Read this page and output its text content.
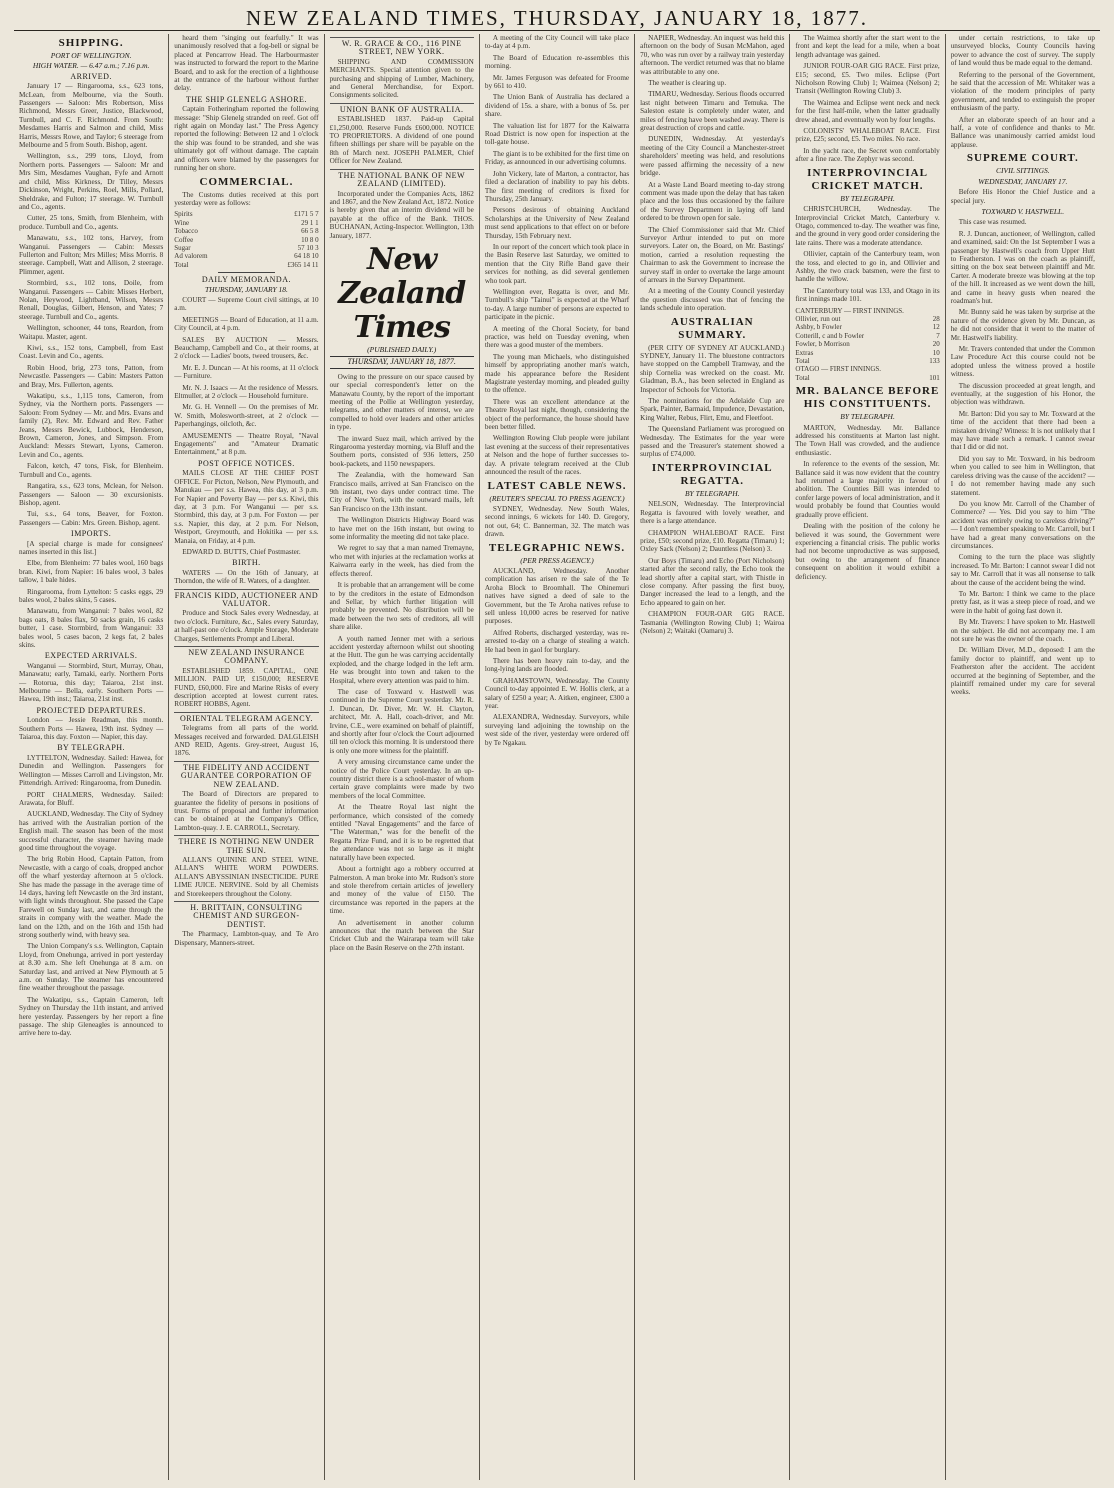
NEW ZEALAND TIMES, THURSDAY, JANUARY 18, 1877.
SHIPPING.
PORT OF WELLINGTON.
HIGH WATER. — 6.47 a.m.; 7.16 p.m.
ARRIVED.

January 17 — Ringarooma, s.s., 623 tons, McLean, from Melbourne, via the South. Passengers — Saloon: Mrs Robertson, Miss Richmond, Messrs Greer, Justice, Blackwood, Turnbull, and C. F. Richmond. From South: Mesdames Harris and Salmon and child, Miss Harris, Messrs Rowe, and Taylor; 6 steerage from Melbourne and 5 from South. Bishop, agent.

Wellington, s.s., 299 tons, Lloyd, from Northern ports. Passengers — Saloon: Mr and Mrs Sim, Mesdames Vaughan, Fyfe and Arnott and child, Miss Kirkness, Dr Tilley, Messrs Dickinson, Wright, Perkins, Roel, Mills, Pollard, Sheldrake, and Fulton; 17 steerage. W. Turnbull and Co., agents.

Cutter, 25 tons, Smith, from Blenheim, with produce. Turnbull and Co., agents.

Manawatu, s.s., 102 tons, Harvey, from Wanganui. Passengers — Cabin: Messrs Fullerton and Fulton; Mrs Milles; Miss Morris. 8 steerage. Campbell, Watt and Allison, 2 steerage. Plimmer, agent.

Stormbird, s.s., 102 tons, Doile, from Wanganui. Passengers — Cabin: Misses Herbert, Nolan, Heywood, Lightband, Wilson, Messrs Renall, Douglas, Gilbert, Henson, and Yates; 7 steerage. Turnbull and Co., agents.

Wellington, schooner, 44 tons, Reardon, from Waitapu. Master, agent.

Kiwi, s.s., 152 tons, Campbell, from East Coast. Levin and Co., agents.

Robin Hood, brig, 273 tons, Patton, from Newcastle. Passengers — Cabin: Masters Patton and Bray, Mrs. Fullerton, agents.

Wakatipu, s.s., 1,115 tons, Cameron, from Sydney, via the Northern ports. Passengers — Saloon: From Sydney — Mr. and Mrs. Evans and family (2), Rev. Mr. Edward and Rev. Father Jeans, Messrs Bewick, Lubbock, Henderson, Brown, Cameron, Jones, and Simpson. From Auckland: Messrs Stewart, Lyons, Cameron. Levin and Co., agents.

Falcon, ketch, 47 tons, Fisk, for Blenheim. Turnbull and Co., agents.

Rangatira, s.s., 623 tons, Mclean, for Nelson. Passengers — Saloon — 30 excursionists. Bishop, agent.

Tui, s.s., 64 tons, Beaver, for Foxton. Passengers — Cabin: Mrs. Green. Bishop, agent.

IMPORTS.

[A special charge is made for consignees' names inserted in this list.]

Elbe, from Blenheim: 77 bales wool, 160 bags bran. Kiwi, from Napier: 16 bales wool, 3 bales tallow, 1 bale hides.

Ringarooma, from Lyttelton: 5 casks eggs, 29 bales wool, 2 bales skins, 5 cases.

Manawatu, from Wanganui: 7 bales wool, 82 bags oats, 8 bales flax, 50 sacks grain, 16 casks butter, 1 case. Stormbird, from Wanganui: 33 bales wool, 5 cases bacon, 2 kegs fat, 2 bales skins.

EXPECTED ARRIVALS.

Wanganui — Stormbird, Sturt, Murray, Ohau, Manawatu; early, Tamaki, early. Northern Ports — Rotorua, this day; Taiaroa, 21st inst. Melbourne — Bella, early. Southern Ports — Hawea, 19th inst.; Taiaroa, 21st inst.

PROJECTED DEPARTURES.

London — Jessie Readman, this month. Southern Ports — Hawea, 19th inst. Sydney — Taiaroa, this day. Foxton — Napier, this day.

BY TELEGRAPH.

LYTTELTON, Wednesday. Sailed: Hawea, for Dunedin and Wellington. Passengers for Wellington — Misses Carroll and Livingston, Mr. Pittendrigh. Arrived: Ringarooma, from Dunedin.

PORT CHALMERS, Wednesday. Sailed: Arawata, for Bluff.

AUCKLAND, Wednesday. The City of Sydney has arrived with the Australian portion of the English mail. The season has been of the most successful character, the steamer having made good time throughout the voyage.

The brig Robin Hood, Captain Patton, from Newcastle, with a cargo of coals, dropped anchor off the wharf yesterday afternoon at 5 o'clock. She has made the passage in the average time of 14 days, having left Newcastle on the 3rd instant, with light winds throughout. She passed the Cape Farewell on Sunday last, and came through the straits in company with the weather. Made the land on the 12th, and on the 16th and 15th had strong southerly wind, with heavy sea.

The Union Company's s.s. Wellington, Captain Lloyd, from Onehunga, arrived in port yesterday at 8.30 a.m. She left Onehunga at 8 a.m. on Saturday last, and arrived at New Plymouth at 5 a.m. on Sunday. The steamer has encountered fine weather throughout the passage.

The Wakatipu, s.s., Captain Cameron, left Sydney on Thursday the 11th instant, and arrived here yesterday. Passengers by her report a fine passage. The ship Gleneagles is announced to arrive here to-day.

heard them "singing out fearfully." It was unanimously resolved that a fog-bell or signal be placed at Pencarrow Head. The Harbourmaster was instructed to forward the report to the Marine Board, and to ask for the erection of a lighthouse at the entrance of the harbour without further delay.

THE SHIP GLENELG ASHORE.

Captain Fotheringham reported the following message: "Ship Glenelg stranded on reef. Got off right again on Monday last." The Press Agency reported the following: Between 12 and 1 o'clock the ship was found to be stranded, and she was ultimately got off without damage. The captain and officers were blamed by the passengers for running her on shore.

COMMERCIAL.

The Customs duties received at this port yesterday were as follows:

Spirits	£171 5 7
Wine	29 1 1
Tobacco	66 5 8
Coffee	10 8 0
Sugar	57 10 3
Ad valorem	64 18 10
Total	£365 14 11
DAILY MEMORANDA.
THURSDAY, JANUARY 18.

COURT — Supreme Court civil sittings, at 10 a.m.

MEETINGS — Board of Education, at 11 a.m. City Council, at 4 p.m.

SALES BY AUCTION — Messrs. Beauchamp, Campbell and Co., at their rooms, at 2 o'clock — Ladies' boots, tweed trousers, &c.

Mr. E. J. Duncan — At his rooms, at 11 o'clock — Furniture.

Mr. N. J. Isaacs — At the residence of Messrs. Eltmuller, at 2 o'clock — Household furniture.

Mr. G. H. Vennell — On the premises of Mr. W. Smith, Molesworth-street, at 2 o'clock — Paperhangings, oilcloth, &c.

AMUSEMENTS — Theatre Royal, "Naval Engagements" and "Amateur Dramatic Entertainment," at 8 p.m.

POST OFFICE NOTICES.

MAILS CLOSE AT THE CHIEF POST OFFICE. For Picton, Nelson, New Plymouth, and Manukau — per s.s. Hawea, this day, at 3 p.m. For Napier and Poverty Bay — per s.s. Kiwi, this day, at 3 p.m. For Wanganui — per s.s. Stormbird, this day, at 3 p.m. For Foxton — per s.s. Napier, this day, at 2 p.m. For Nelson, Westport, Greymouth, and Hokitika — per s.s. Manaia, on Friday, at 4 p.m.

EDWARD D. BUTTS, Chief Postmaster.

BIRTH.

WATERS — On the 16th of January, at Thorndon, the wife of R. Waters, of a daughter.

FRANCIS KIDD, AUCTIONEER AND VALUATOR.

Produce and Stock Sales every Wednesday, at two o'clock. Furniture, &c., Sales every Saturday, at half-past one o'clock. Ample Storage, Moderate Charges, Settlements Prompt and Liberal.

NEW ZEALAND INSURANCE COMPANY.

ESTABLISHED 1859. CAPITAL, ONE MILLION. PAID UP, £150,000; RESERVE FUND, £60,000. Fire and Marine Risks of every description accepted at lowest current rates. ROBERT HOBBS, Agent.

ORIENTAL TELEGRAM AGENCY.

Telegrams from all parts of the world. Messages received and forwarded. DALGLEISH AND REID, Agents. Grey-street, August 16, 1876.

THE FIDELITY AND ACCIDENT GUARANTEE CORPORATION OF NEW ZEALAND.

The Board of Directors are prepared to guarantee the fidelity of persons in positions of trust. Forms of proposal and further information can be obtained at the Company's Office, Lambton-quay. J. E. CARROLL, Secretary.

THERE IS NOTHING NEW UNDER THE SUN.

ALLAN'S QUININE AND STEEL WINE. ALLAN'S WHITE WORM POWDERS. ALLAN'S ABYSSINIAN INSECTICIDE. PURE LIME JUICE. NERVINE. Sold by all Chemists and Storekeepers throughout the Colony.

H. BRITTAIN, CONSULTING CHEMIST AND SURGEON-DENTIST.

The Pharmacy, Lambton-quay, and Te Aro Dispensary, Manners-street.

W. R. GRACE & CO., 116 PINE STREET, NEW YORK.

SHIPPING AND COMMISSION MERCHANTS. Special attention given to the purchasing and shipping of Lumber, Machinery, and General Merchandise, for Export. Consignments solicited.

UNION BANK OF AUSTRALIA.

ESTABLISHED 1837. Paid-up Capital £1,250,000. Reserve Funds £600,000. NOTICE TO PROPRIETORS. A dividend of one pound fifteen shillings per share will be payable on the 8th of March next. JOSEPH PALMER, Chief Officer for New Zealand.

THE NATIONAL BANK OF NEW ZEALAND (LIMITED).

Incorporated under the Companies Acts, 1862 and 1867, and the New Zealand Act, 1872. Notice is hereby given that an interim dividend will be payable at the office of the Bank. THOS. BUCHANAN, Acting-Inspector. Wellington, 13th January, 1877.

New Zealand Times
(PUBLISHED DAILY.)
THURSDAY, JANUARY 18, 1877.

Owing to the pressure on our space caused by our special correspondent's letter on the Manawatu County, by the report of the important meeting of the Pollie at Wellington yesterday, telegrams, and other matters of interest, we are compelled to hold over leaders and other articles in type.

The inward Suez mail, which arrived by the Ringarooma yesterday morning, via Bluff and the Southern ports, consisted of 936 letters, 250 book-packets, and 1150 newspapers.

The Zealandia, with the homeward San Francisco mails, arrived at San Francisco on the 9th instant, two days under contract time. The City of New York, with the outward mails, left San Francisco on the 13th instant.

The Wellington Districts Highway Board was to have met on the 16th instant, but owing to some informality the meeting did not take place.

We regret to say that a man named Tremayne, who met with injuries at the reclamation works at Kaiwarra early in the week, has died from the effects thereof.

It is probable that an arrangement will be come to by the creditors in the estate of Edmondson and Sellar, by which further litigation will probably be prevented. No distribution will be made between the two sets of creditors, all will share alike.

A youth named Jenner met with a serious accident yesterday afternoon whilst out shooting at the Hutt. The gun he was carrying accidentally exploded, and the charge lodged in the left arm. He was brought into town and taken to the Hospital, where every attention was paid to him.

The case of Toxward v. Hastwell was continued in the Supreme Court yesterday. Mr. R. J. Duncan, Dr. Diver, Mr. W. H. Clayton, architect, Mr. A. Hall, coach-driver, and Mr. Irvine, C.E., were examined on behalf of plaintiff, and shortly after four o'clock the Court adjourned till ten o'clock this morning. It is understood there is only one more witness for the plaintiff.

A very amusing circumstance came under the notice of the Police Court yesterday. In an up-country district there is a school-master of whom certain grave complaints were made by two members of the local Committee.

At the Theatre Royal last night the performance, which consisted of the comedy entitled "Naval Engagements" and the farce of "The Waterman," was for the benefit of the Regatta Prize Fund, and it is to be regretted that the attendance was not so large as it might naturally have been expected.

About a fortnight ago a robbery occurred at Palmerston. A man broke into Mr. Rudson's store and stole therefrom certain articles of jewellery and money of the value of £150. The circumstance was reported in the papers at the time.

An advertisement in another column announces that the match between the Star Cricket Club and the Wairarapa team will take place on the Basin Reserve on the 27th instant.

A meeting of the City Council will take place to-day at 4 p.m.

The Board of Education re-assembles this morning.

Mr. James Ferguson was defeated for Froome by 661 to 410.

The Union Bank of Australia has declared a dividend of 15s. a share, with a bonus of 5s. per share.

The valuation list for 1877 for the Kaiwarra Road District is now open for inspection at the toll-gate house.

The giant is to be exhibited for the first time on Friday, as announced in our advertising columns.

John Vickery, late of Marton, a contractor, has filed a declaration of inability to pay his debts. The first meeting of creditors is fixed for Thursday, 25th January.

Persons desirous of obtaining Auckland Scholarships at the University of New Zealand must send applications to that effect on or before Thursday, 15th February next.

In our report of the concert which took place in the Basin Reserve last Saturday, we omitted to mention that the City Rifle Band gave their services for nothing, as did several gentlemen who took part.

Wellington ever, Regatta is over, and Mr. Turnbull's ship "Tainui" is expected at the Wharf to-day. A large number of persons are expected to participate in the picnic.

A meeting of the Choral Society, for band practice, was held on Tuesday evening, when there was a good muster of the members.

The young man Michaels, who distinguished himself by appropriating another man's watch, made his appearance before the Resident Magistrate yesterday morning, and pleaded guilty to the offence.

There was an excellent attendance at the Theatre Royal last night, though, considering the object of the performance, the house should have been better filled.

Wellington Rowing Club people were jubilant last evening at the success of their representatives at Nelson and the hope of further successes to-day. A private telegram received at the Club announced the result of the races.

LATEST CABLE NEWS.
(REUTER'S SPECIAL TO PRESS AGENCY.)

SYDNEY, Wednesday. New South Wales, second innings, 6 wickets for 140. D. Gregory, not out, 64; C. Bannerman, 32. The match was drawn.

TELEGRAPHIC NEWS.
(PER PRESS AGENCY.)

AUCKLAND, Wednesday. Another complication has arisen re the sale of the Te Aroha Block to Broomhall. The Ohinemuri natives have signed a deed of sale to the Government, but the Te Aroha natives refuse to sell unless 10,000 acres be reserved for native purposes.

Alfred Roberts, discharged yesterday, was re-arrested to-day on a charge of stealing a watch. He had been in gaol for burglary.

There has been heavy rain to-day, and the long-lying lands are flooded.

GRAHAMSTOWN, Wednesday. The County Council to-day appointed E. W. Hollis clerk, at a salary of £250 a year; A. Aitken, engineer, £300 a year.

ALEXANDRA, Wednesday. Surveyors, while surveying land adjoining the township on the west side of the river, yesterday were ordered off by Te Ngakau.

NAPIER, Wednesday. An inquest was held this afternoon on the body of Susan McMahon, aged 70, who was run over by a railway train yesterday afternoon. The verdict returned was that no blame was attributable to any one.

The weather is clearing up.

TIMARU, Wednesday. Serious floods occurred last night between Timaru and Temuka. The Saleston estate is completely under water, and miles of fencing have been washed away. There is great destruction of crops and cattle.

DUNEDIN, Wednesday. At yesterday's meeting of the City Council a Manchester-street shareholders' meeting was held, and resolutions were passed affirming the necessity of a new bridge.

At a Waste Land Board meeting to-day strong comment was made upon the delay that has taken place and the loss thus occasioned by the failure of the Survey Department in laying off land ordered to be thrown open for sale.

The Chief Commissioner said that Mr. Chief Surveyor Arthur intended to put on more surveyors. Later on, the Board, on Mr. Bastings' motion, carried a resolution requesting the Chairman to ask the Government to increase the survey staff in order to overtake the large amount of arrears in the Survey Department.

At a meeting of the County Council yesterday the question discussed was that of fencing the lands schedule into operation.

AUSTRALIAN SUMMARY.

(PER CITY OF SYDNEY AT AUCKLAND.) SYDNEY, January 11. The bluestone contractors have stopped on the Campbell Tramway, and the ship Cornelia was wrecked on the coast. Mr. Gladman, B.A., has been selected in England as Inspector of Schools for Victoria.

The nominations for the Adelaide Cup are Spark, Painter, Barmaid, Impudence, Devastation, King Walter, Rebus, Flirt, Emu, and Fleetfoot.

The Queensland Parliament was prorogued on Wednesday. The Estimates for the year were passed and the Treasurer's statement showed a surplus of £74,000.

INTERPROVINCIAL REGATTA.
BY TELEGRAPH.

NELSON, Wednesday. The Interprovincial Regatta is favoured with lovely weather, and there is a large attendance.

CHAMPION WHALEBOAT RACE. First prize, £50; second prize, £10. Regatta (Timaru) 1; Oxley Sack (Nelson) 2; Dauntless (Nelson) 3.

Our Boys (Timaru) and Echo (Port Nicholson) started after the second rally, the Echo took the lead shortly after a capital start, with Thistle in close company. After passing the first buoy, Danger increased the lead to a length, and the Echo appeared to gain on her.

CHAMPION FOUR-OAR GIG RACE. Tasmania (Wellington Rowing Club) 1; Wairoa (Nelson) 2; Waitaki (Oamaru) 3.

The Waimea shortly after the start went to the front and kept the lead for a mile, when a boat length advantage was gained.

JUNIOR FOUR-OAR GIG RACE. First prize, £15; second, £5. Two miles. Eclipse (Port Nicholson Rowing Club) 1; Waimea (Nelson) 2; Transit (Wellington Rowing Club) 3.

The Waimea and Eclipse went neck and neck for the first half-mile, when the latter gradually drew ahead, and eventually won by four lengths.

COLONISTS' WHALEBOAT RACE. First prize, £25; second, £5. Two miles. No race.

In the yacht race, the Secret won comfortably after a fine race. The Zephyr was second.

INTERPROVINCIAL CRICKET MATCH.
BY TELEGRAPH.

CHRISTCHURCH, Wednesday. The Interprovincial Cricket Match, Canterbury v. Otago, commenced to-day. The weather was fine, and the ground in very good order considering the late rains. There was a moderate attendance.

Ollivier, captain of the Canterbury team, won the toss, and elected to go in, and Ollivier and Ashby, the two crack batsmen, were the first to handle the willow.

The Canterbury total was 133, and Otago in its first innings made 101.

CANTERBURY — FIRST INNINGS.	
Ollivier, run out	28
Ashby, b Fowler	12
Cotterill, c and b Fowler	7
Fowler, b Morrison	20
Extras	10
Total	133
OTAGO — FIRST INNINGS.	
Total	101
MR. BALANCE BEFORE HIS CONSTITUENTS.
BY TELEGRAPH.

MARTON, Wednesday. Mr. Ballance addressed his constituents at Marton last night. The Town Hall was crowded, and the audience enthusiastic.

In reference to the events of the session, Mr. Ballance said it was now evident that the country had returned a large majority in favour of abolition. The Counties Bill was intended to confer large powers of local administration, and it would probably be found that Counties would gradually prove efficient.

Dealing with the position of the colony he believed it was sound, the Government were experiencing a financial crisis. The public works had not become unproductive as was supposed, but owing to the arrangement of finance consequent on abolition it would exhibit a deficiency.

under certain restrictions, to take up unsurveyed blocks, County Councils having power to advance the cost of survey. The supply of land would thus be made equal to the demand.

Referring to the personal of the Government, he said that the accession of Mr. Whitaker was a violation of the modern principles of party government, and tended to extinguish the proper enthusiasm of the party.

After an elaborate speech of an hour and a half, a vote of confidence and thanks to Mr. Ballance was unanimously carried amidst loud applause.

SUPREME COURT.
CIVIL SITTINGS.
WEDNESDAY, JANUARY 17.

Before His Honor the Chief Justice and a special jury.

TOXWARD V. HASTWELL.

This case was resumed.

R. J. Duncan, auctioneer, of Wellington, called and examined, said: On the 1st September I was a passenger by Hastwell's coach from Upper Hutt to Featherston. I was on the coach as plaintiff, sitting on the box seat between plaintiff and Mr. Carter. A moderate breeze was blowing at the top of the hill. It increased as we went down the hill, and came in heavy gusts when neared the roadman's hut.

Mr. Bunny said he was taken by surprise at the nature of the evidence given by Mr. Duncan, as he did not consider that it went to the matter of Mr. Hastwell's liability.

Mr. Travers contended that under the Common Law Procedure Act this course could not be adopted unless the witness proved a hostile witness.

The discussion proceeded at great length, and eventually, at the suggestion of his Honor, the objection was withdrawn.

Mr. Barton: Did you say to Mr. Toxward at the time of the accident that there had been a mistaken driving? Witness: It is not unlikely that I may have made such a remark. I cannot swear that I did or did not.

Did you say to Mr. Toxward, in his bedroom when you called to see him in Wellington, that careless driving was the cause of the accident? — I do not remember having made any such statement.

Do you know Mr. Carroll of the Chamber of Commerce? — Yes. Did you say to him "The accident was entirely owing to careless driving?" — I don't remember speaking to Mr. Carroll, but I have had a great many conversations on the circumstances.

Coming to the turn the place was slightly increased. To Mr. Barton: I cannot swear I did not say to Mr. Carroll that it was all nonsense to talk about the cause of the accident being the wind.

To Mr. Barton: I think we came to the place pretty fast, as it was a steep piece of road, and we were in the habit of going fast down it.

By Mr. Travers: I have spoken to Mr. Hastwell on the subject. He did not accompany me. I am not sure he was the owner of the coach.

Dr. William Diver, M.D., deposed: I am the family doctor to plaintiff, and went up to Featherston after the accident. The accident occurred at the beginning of September, and the plaintiff remained under my care for several weeks.
